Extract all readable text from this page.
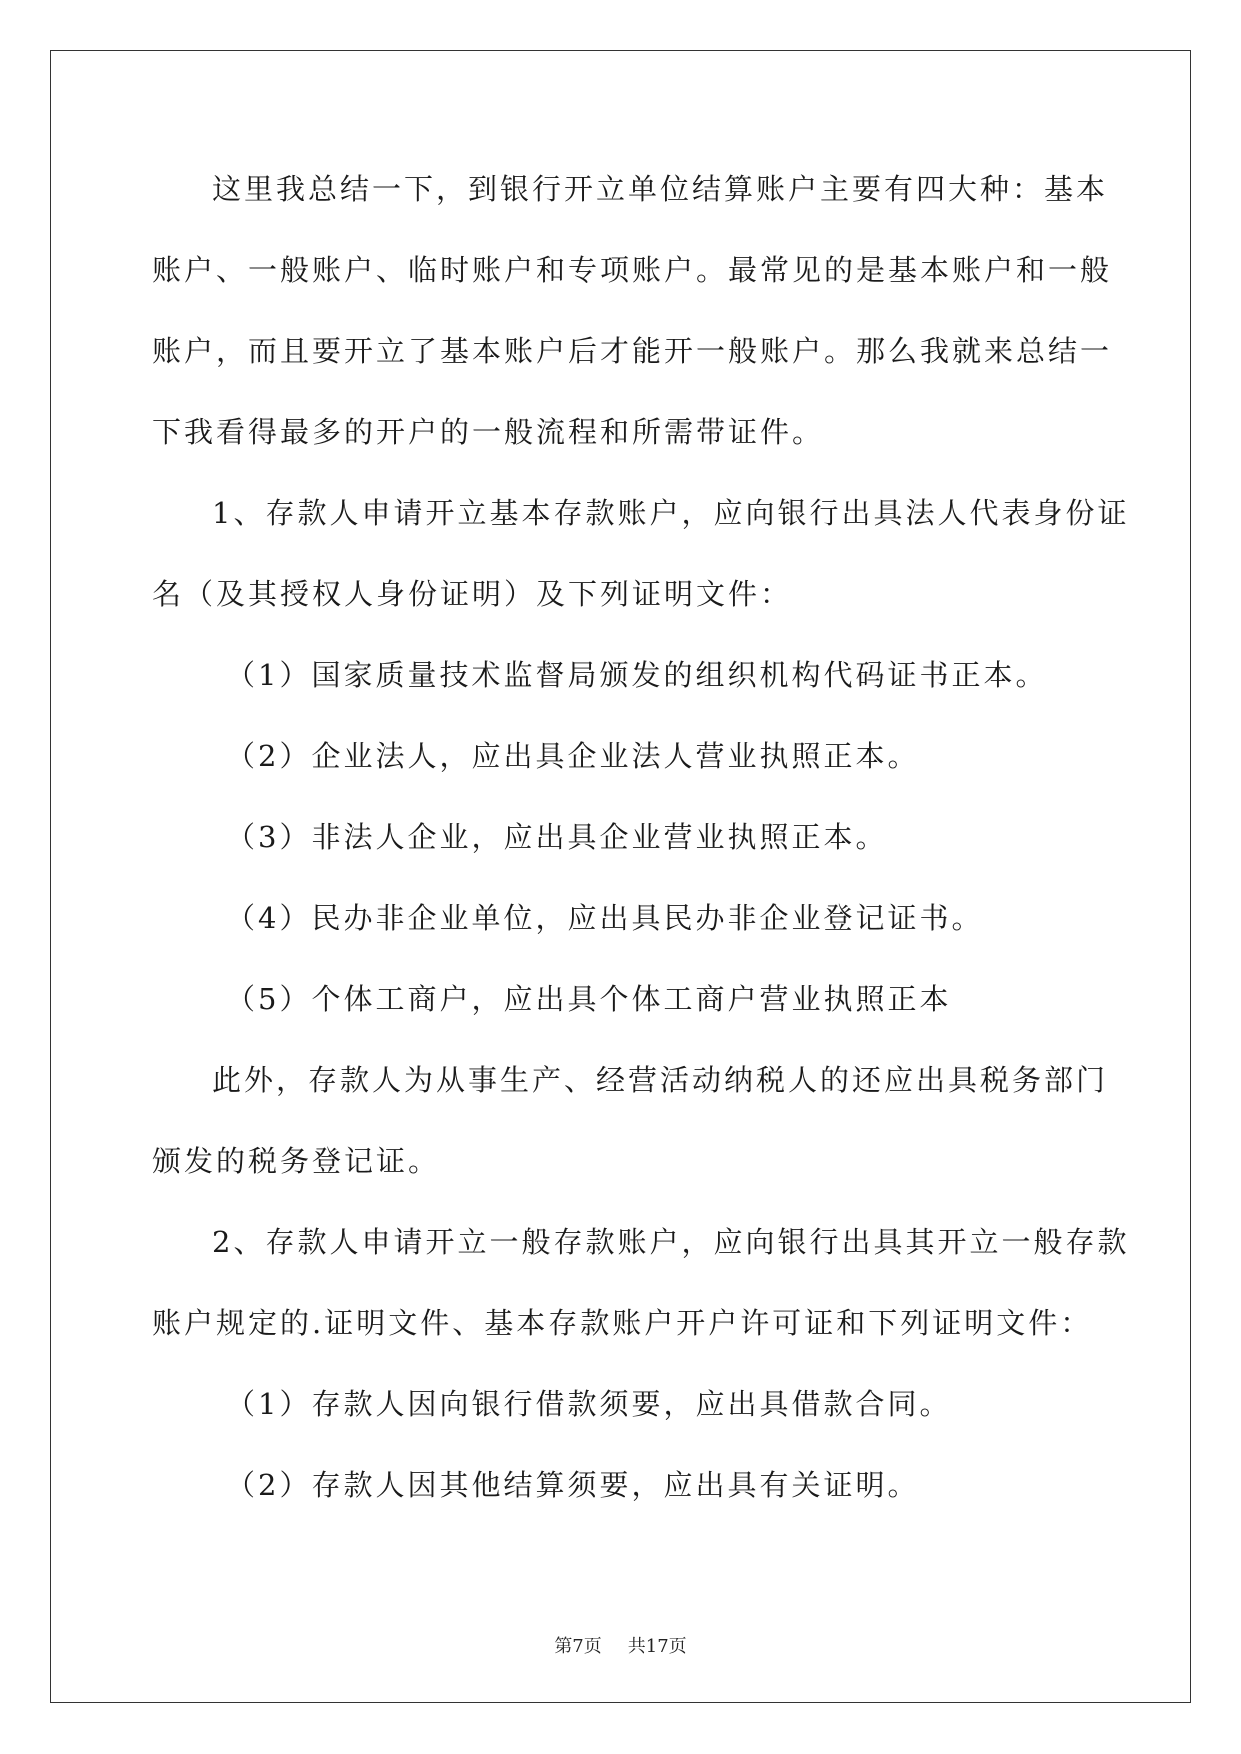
这里我总结一下，到银行开立单位结算账户主要有四大种：基本
账户、一般账户、临时账户和专项账户。最常见的是基本账户和一般
账户，而且要开立了基本账户后才能开一般账户。那么我就来总结一
下我看得最多的开户的一般流程和所需带证件。
1、存款人申请开立基本存款账户，应向银行出具法人代表身份证
名（及其授权人身份证明）及下列证明文件：
（1）国家质量技术监督局颁发的组织机构代码证书正本。
（2）企业法人，应出具企业法人营业执照正本。
（3）非法人企业，应出具企业营业执照正本。
（4）民办非企业单位，应出具民办非企业登记证书。
（5）个体工商户，应出具个体工商户营业执照正本
此外，存款人为从事生产、经营活动纳税人的还应出具税务部门
颁发的税务登记证。
2、存款人申请开立一般存款账户，应向银行出具其开立一般存款
账户规定的.证明文件、基本存款账户开户许可证和下列证明文件：
（1）存款人因向银行借款须要，应出具借款合同。
（2）存款人因其他结算须要，应出具有关证明。
第7页 共17页
